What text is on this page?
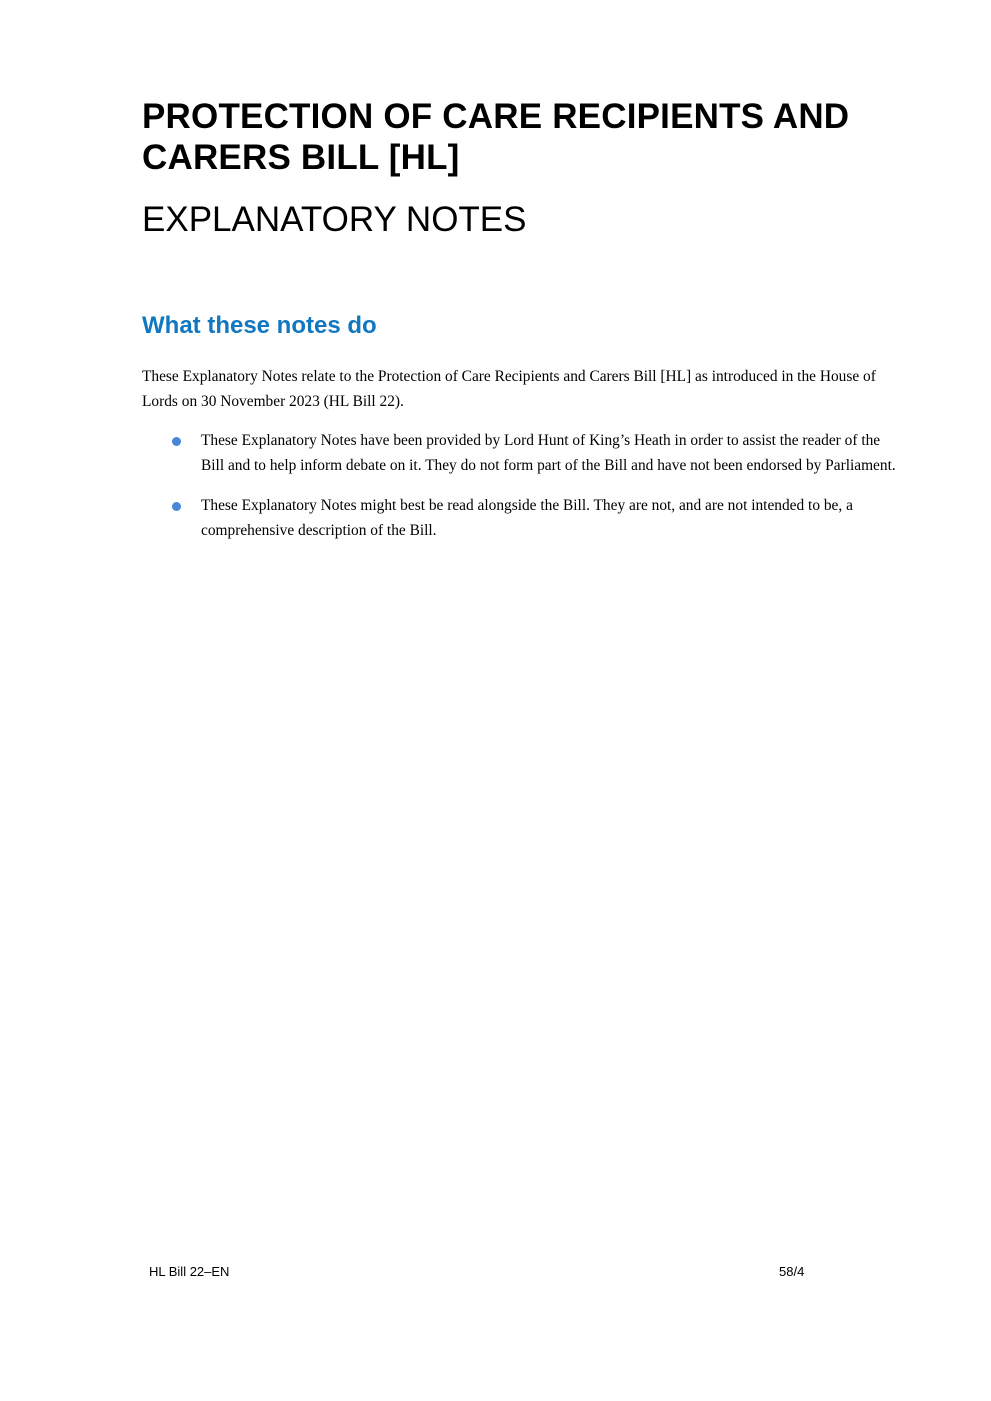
PROTECTION OF CARE RECIPIENTS AND CARERS BILL [HL]
EXPLANATORY NOTES
What these notes do

These Explanatory Notes relate to the Protection of Care Recipients and Carers Bill [HL] as introduced in the House of Lords on 30 November 2023 (HL Bill 22).

These Explanatory Notes have been provided by Lord Hunt of King’s Heath in order to assist the reader of the Bill and to help inform debate on it. They do not form part of the Bill and have not been endorsed by Parliament.
These Explanatory Notes might best be read alongside the Bill. They are not, and are not intended to be, a comprehensive description of the Bill.

HL Bill 22–EN	58/4
